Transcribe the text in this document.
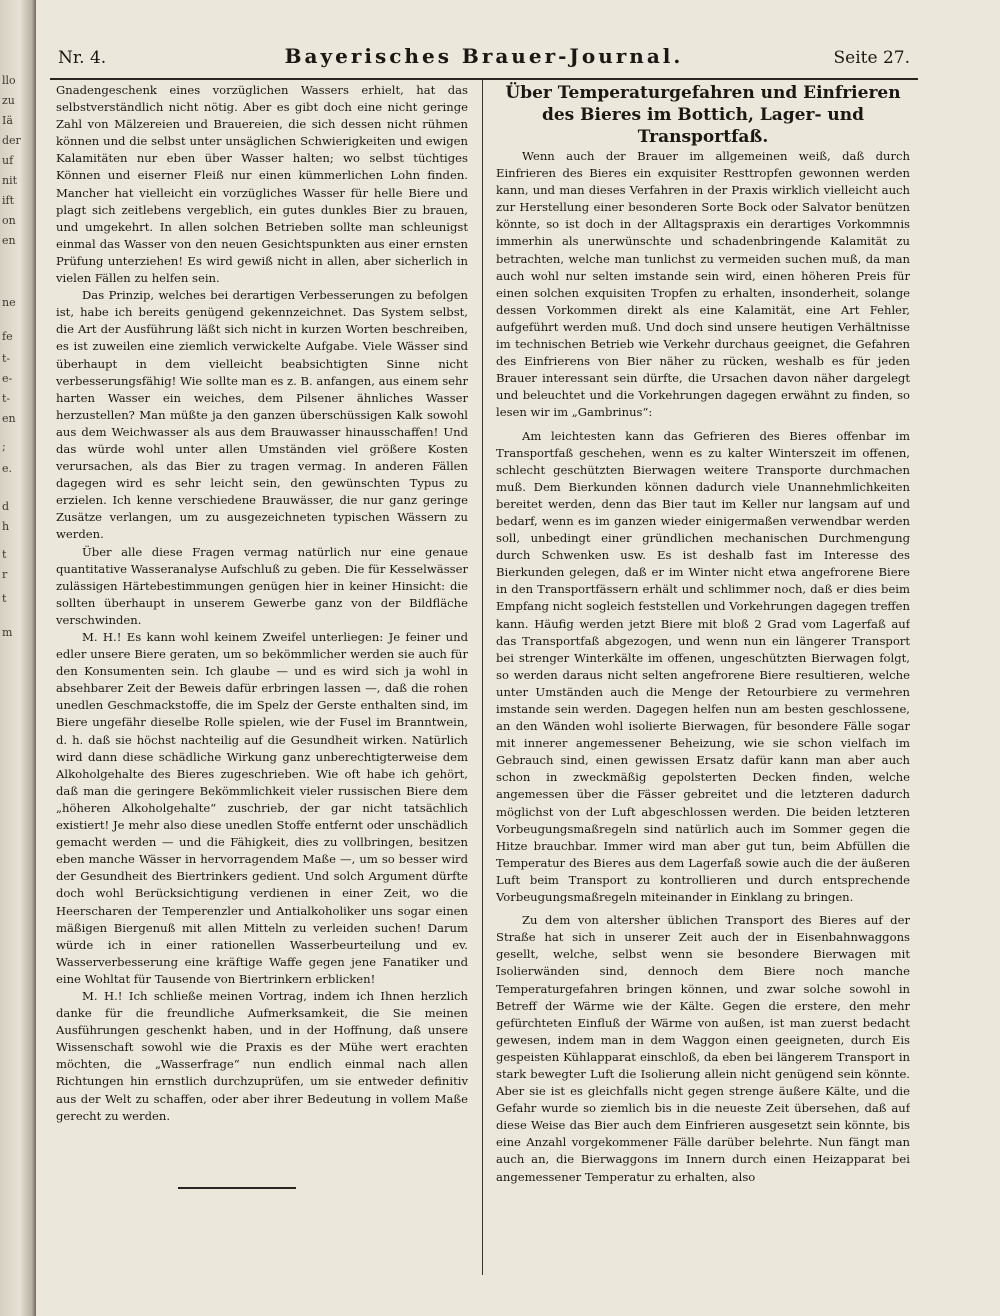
llo
zu
Iä
der
uf
nit
ift
on
en
ne
fe
t-
e-
t-
en
;
e.
d
h
t
r
t
m
Nr. 4.	Bayerisches Brauer-Journal.	Seite 27.

Gnadengeschenk eines vorzüglichen Wassers erhielt, hat das selbstverständlich nicht nötig. Aber es gibt doch eine nicht geringe Zahl von Mälzereien und Brauereien, die sich dessen nicht rühmen können und die selbst unter unsäglichen Schwierigkeiten und ewigen Kalamitäten nur eben über Wasser halten; wo selbst tüchtiges Können und eiserner Fleiß nur einen kümmerlichen Lohn finden. Mancher hat vielleicht ein vorzügliches Wasser für helle Biere und plagt sich zeitlebens vergeblich, ein gutes dunkles Bier zu brauen, und umgekehrt. In allen solchen Betrieben sollte man schleunigst einmal das Wasser von den neuen Gesichtspunkten aus einer ernsten Prüfung unterziehen! Es wird gewiß nicht in allen, aber sicherlich in vielen Fällen zu helfen sein.

Das Prinzip, welches bei derartigen Verbesserungen zu befolgen ist, habe ich bereits genügend gekennzeichnet. Das System selbst, die Art der Ausführung läßt sich nicht in kurzen Worten beschreiben, es ist zuweilen eine ziemlich verwickelte Aufgabe. Viele Wässer sind überhaupt in dem vielleicht beabsichtigten Sinne nicht verbesserungsfähig! Wie sollte man es z. B. anfangen, aus einem sehr harten Wasser ein weiches, dem Pilsener ähnliches Wasser herzustellen? Man müßte ja den ganzen überschüssigen Kalk sowohl aus dem Weichwasser als aus dem Brauwasser hinausschaffen! Und das würde wohl unter allen Umständen viel größere Kosten verursachen, als das Bier zu tragen vermag. In anderen Fällen dagegen wird es sehr leicht sein, den gewünschten Typus zu erzielen. Ich kenne verschiedene Brauwässer, die nur ganz geringe Zusätze verlangen, um zu ausgezeichneten typischen Wässern zu werden.

Über alle diese Fragen vermag natürlich nur eine genaue quantitative Wasseranalyse Aufschluß zu geben. Die für Kesselwässer zulässigen Härtebestimmungen genügen hier in keiner Hinsicht: die sollten überhaupt in unserem Gewerbe ganz von der Bildfläche verschwinden.

M. H.! Es kann wohl keinem Zweifel unterliegen: Je feiner und edler unsere Biere geraten, um so bekömmlicher werden sie auch für den Konsumenten sein. Ich glaube — und es wird sich ja wohl in absehbarer Zeit der Beweis dafür erbringen lassen —, daß die rohen unedlen Geschmackstoffe, die im Spelz der Gerste enthalten sind, im Biere ungefähr dieselbe Rolle spielen, wie der Fusel im Branntwein, d. h. daß sie höchst nachteilig auf die Gesundheit wirken. Natürlich wird dann diese schädliche Wirkung ganz unberechtigterweise dem Alkoholgehalte des Bieres zugeschrieben. Wie oft habe ich gehört, daß man die geringere Bekömmlichkeit vieler russischen Biere dem „höheren Alkoholgehalte“ zuschrieb, der gar nicht tatsächlich existiert! Je mehr also diese unedlen Stoffe entfernt oder unschädlich gemacht werden — und die Fähigkeit, dies zu vollbringen, besitzen eben manche Wässer in hervorragendem Maße —, um so besser wird der Gesundheit des Biertrinkers gedient. Und solch Argument dürfte doch wohl Berücksichtigung verdienen in einer Zeit, wo die Heerscharen der Temperenzler und Antialkoholiker uns sogar einen mäßigen Biergenuß mit allen Mitteln zu verleiden suchen! Darum würde ich in einer rationellen Wasserbeurteilung und ev. Wasserverbesserung eine kräftige Waffe gegen jene Fanatiker und eine Wohltat für Tausende von Biertrinkern erblicken!

M. H.! Ich schließe meinen Vortrag, indem ich Ihnen herzlich danke für die freundliche Aufmerksamkeit, die Sie meinen Ausführungen geschenkt haben, und in der Hoffnung, daß unsere Wissenschaft sowohl wie die Praxis es der Mühe wert erachten möchten, die „Wasserfrage“ nun endlich einmal nach allen Richtungen hin ernstlich durchzuprüfen, um sie entweder definitiv aus der Welt zu schaffen, oder aber ihrer Bedeutung in vollem Maße gerecht zu werden.

Über Temperaturgefahren und Einfrieren des Bieres im Bottich, Lager- und Transportfaß.

Wenn auch der Brauer im allgemeinen weiß, daß durch Einfrieren des Bieres ein exquisiter Resttropfen gewonnen werden kann, und man dieses Verfahren in der Praxis wirklich vielleicht auch zur Herstellung einer besonderen Sorte Bock oder Salvator benützen könnte, so ist doch in der Alltagspraxis ein derartiges Vorkommnis immerhin als unerwünschte und schadenbringende Kalamität zu betrachten, welche man tunlichst zu vermeiden suchen muß, da man auch wohl nur selten imstande sein wird, einen höheren Preis für einen solchen exquisiten Tropfen zu erhalten, insonderheit, solange dessen Vorkommen direkt als eine Kalamität, eine Art Fehler, aufgeführt werden muß. Und doch sind unsere heutigen Verhältnisse im technischen Betrieb wie Verkehr durchaus geeignet, die Gefahren des Einfrierens von Bier näher zu rücken, weshalb es für jeden Brauer interessant sein dürfte, die Ursachen davon näher dargelegt und beleuchtet und die Vorkehrungen dagegen erwähnt zu finden, so lesen wir im „Gambrinus“:

Am leichtesten kann das Gefrieren des Bieres offenbar im Transportfaß geschehen, wenn es zu kalter Winterszeit im offenen, schlecht geschützten Bierwagen weitere Transporte durchmachen muß. Dem Bierkunden können dadurch viele Unannehmlichkeiten bereitet werden, denn das Bier taut im Keller nur langsam auf und bedarf, wenn es im ganzen wieder einigermaßen verwendbar werden soll, unbedingt einer gründlichen mechanischen Durchmengung durch Schwenken usw. Es ist deshalb fast im Interesse des Bierkunden gelegen, daß er im Winter nicht etwa angefrorene Biere in den Transportfässern erhält und schlimmer noch, daß er dies beim Empfang nicht sogleich feststellen und Vorkehrungen dagegen treffen kann. Häufig werden jetzt Biere mit bloß 2 Grad vom Lagerfaß auf das Transportfaß abgezogen, und wenn nun ein längerer Transport bei strenger Winterkälte im offenen, ungeschützten Bierwagen folgt, so werden daraus nicht selten angefrorene Biere resultieren, welche unter Umständen auch die Menge der Retourbiere zu vermehren imstande sein werden. Dagegen helfen nun am besten geschlossene, an den Wänden wohl isolierte Bierwagen, für besondere Fälle sogar mit innerer angemessener Beheizung, wie sie schon vielfach im Gebrauch sind, einen gewissen Ersatz dafür kann man aber auch schon in zweckmäßig gepolsterten Decken finden, welche angemessen über die Fässer gebreitet und die letzteren dadurch möglichst von der Luft abgeschlossen werden. Die beiden letzteren Vorbeugungsmaßregeln sind natürlich auch im Sommer gegen die Hitze brauchbar. Immer wird man aber gut tun, beim Abfüllen die Temperatur des Bieres aus dem Lagerfaß sowie auch die der äußeren Luft beim Transport zu kontrollieren und durch entsprechende Vorbeugungsmaßregeln miteinander in Einklang zu bringen.

Zu dem von altersher üblichen Transport des Bieres auf der Straße hat sich in unserer Zeit auch der in Eisenbahnwaggons gesellt, welche, selbst wenn sie besondere Bierwagen mit Isolierwänden sind, dennoch dem Biere noch manche Temperaturgefahren bringen können, und zwar solche sowohl in Betreff der Wärme wie der Kälte. Gegen die erstere, den mehr gefürchteten Einfluß der Wärme von außen, ist man zuerst bedacht gewesen, indem man in dem Waggon einen geeigneten, durch Eis gespeisten Kühlapparat einschloß, da eben bei längerem Transport in stark bewegter Luft die Isolierung allein nicht genügend sein könnte. Aber sie ist es gleichfalls nicht gegen strenge äußere Kälte, und die Gefahr wurde so ziemlich bis in die neueste Zeit übersehen, daß auf diese Weise das Bier auch dem Einfrieren ausgesetzt sein könnte, bis eine Anzahl vorgekommener Fälle darüber belehrte. Nun fängt man auch an, die Bierwaggons im Innern durch einen Heizapparat bei angemessener Temperatur zu erhalten, also
